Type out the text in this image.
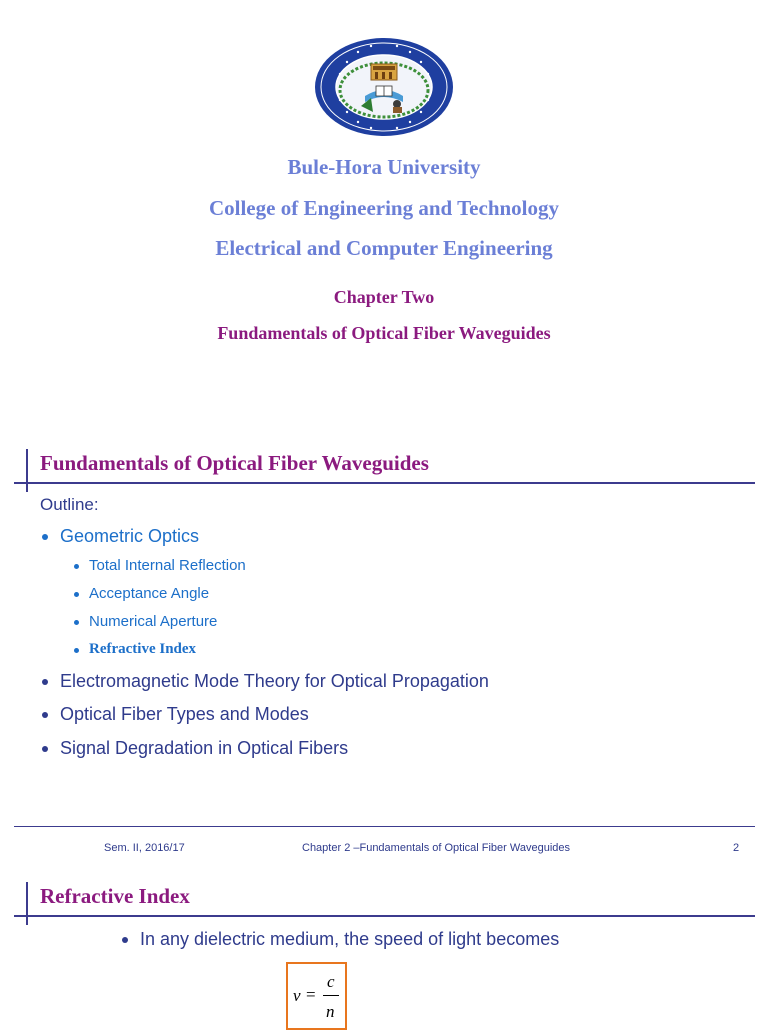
Bule-Hora University
College of Engineering and Technology
Electrical and Computer Engineering
Chapter Two
Fundamentals of Optical Fiber Waveguides
Fundamentals of Optical Fiber Waveguides
Outline:
Geometric Optics
Total Internal Reflection
Acceptance Angle
Numerical Aperture
Refractive Index
Electromagnetic Mode Theory for Optical Propagation
Optical Fiber Types and Modes
Signal Degradation in Optical Fibers
Sem. II, 2016/17	Chapter 2 –Fundamentals of Optical Fiber Waveguides	2
Refractive Index
In any dielectric medium, the speed of light becomes
v =
c
n
